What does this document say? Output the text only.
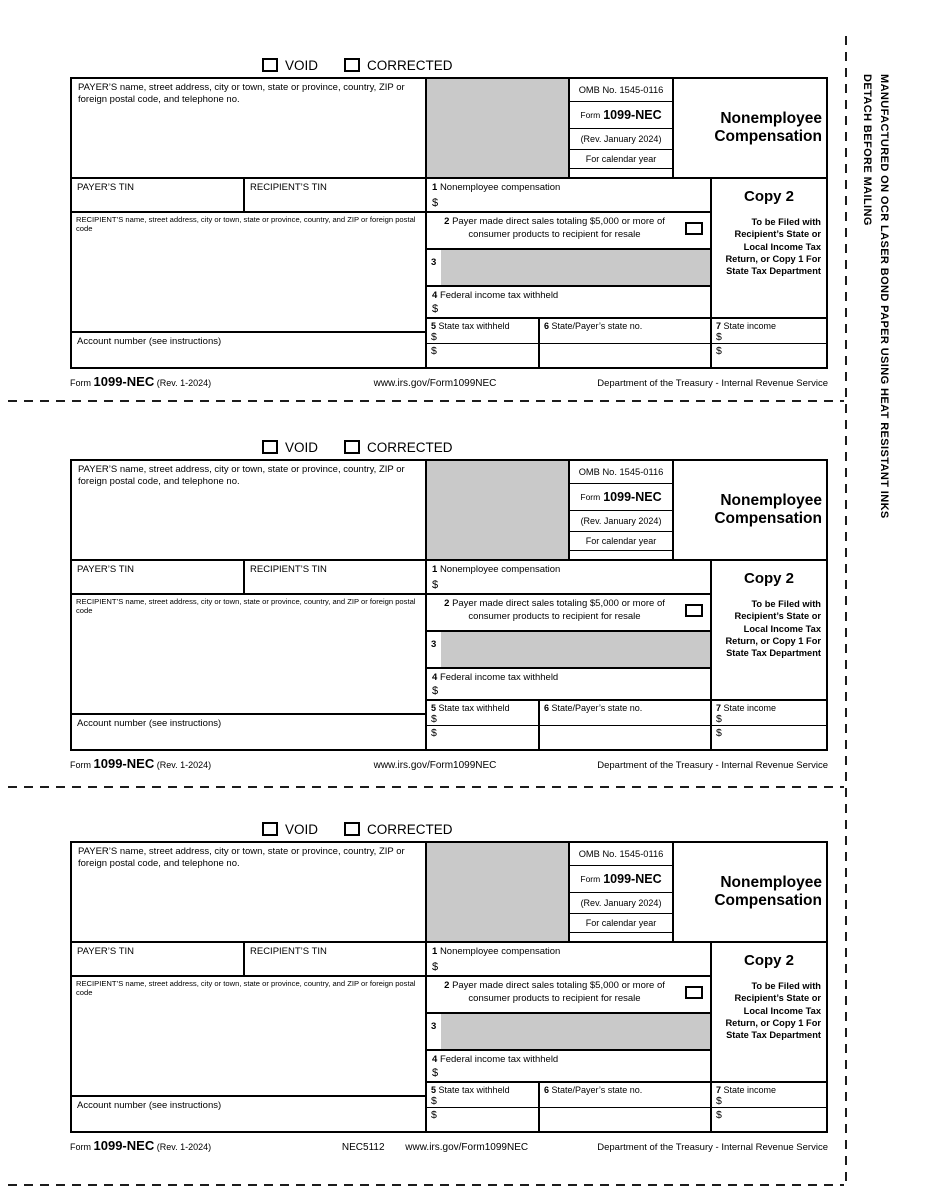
VOID	CORRECTED
PAYER’S name, street address, city or town, state or province, country, ZIP or foreign postal code, and telephone no.
OMB No. 1545-0116
Form 1099-NEC
(Rev. January 2024)
For calendar year
Nonemployee
Compensation
PAYER’S TIN	RECIPIENT’S TIN
RECIPIENT’S name, street address, city or town, state or province, country, and ZIP or foreign postal code
Account number (see instructions)
1 Nonemployee compensation
$
2 Payer made direct sales totaling $5,000 or more of consumer products to recipient for resale
3
4 Federal income tax withheld
$
5 State tax withheld
$
$
6 State/Payer’s state no.
Copy 2
To be Filed with Recipient’s State or Local Income Tax Return, or Copy 1 For State Tax Department
7 State income
$
$
Form 1099-NEC (Rev. 1-2024)	www.irs.gov/Form1099NEC	Department of the Treasury - Internal Revenue Service
VOID	CORRECTED
PAYER’S name, street address, city or town, state or province, country, ZIP or foreign postal code, and telephone no.
OMB No. 1545-0116
Form 1099-NEC
(Rev. January 2024)
For calendar year
Nonemployee
Compensation
PAYER’S TIN	RECIPIENT’S TIN
RECIPIENT’S name, street address, city or town, state or province, country, and ZIP or foreign postal code
Account number (see instructions)
1 Nonemployee compensation
$
2 Payer made direct sales totaling $5,000 or more of consumer products to recipient for resale
3
4 Federal income tax withheld
$
5 State tax withheld
$
$
6 State/Payer’s state no.
Copy 2
To be Filed with Recipient’s State or Local Income Tax Return, or Copy 1 For State Tax Department
7 State income
$
$
Form 1099-NEC (Rev. 1-2024)	www.irs.gov/Form1099NEC	Department of the Treasury - Internal Revenue Service
VOID	CORRECTED
PAYER’S name, street address, city or town, state or province, country, ZIP or foreign postal code, and telephone no.
OMB No. 1545-0116
Form 1099-NEC
(Rev. January 2024)
For calendar year
Nonemployee
Compensation
PAYER’S TIN	RECIPIENT’S TIN
RECIPIENT’S name, street address, city or town, state or province, country, and ZIP or foreign postal code
Account number (see instructions)
1 Nonemployee compensation
$
2 Payer made direct sales totaling $5,000 or more of consumer products to recipient for resale
3
4 Federal income tax withheld
$
5 State tax withheld
$
$
6 State/Payer’s state no.
Copy 2
To be Filed with Recipient’s State or Local Income Tax Return, or Copy 1 For State Tax Department
7 State income
$
$
Form 1099-NEC (Rev. 1-2024)	NEC5112 www.irs.gov/Form1099NEC	Department of the Treasury - Internal Revenue Service
DETACH BEFORE MAILING MANUFACTURED ON OCR LASER BOND PAPER USING HEAT RESISTANT INKS
